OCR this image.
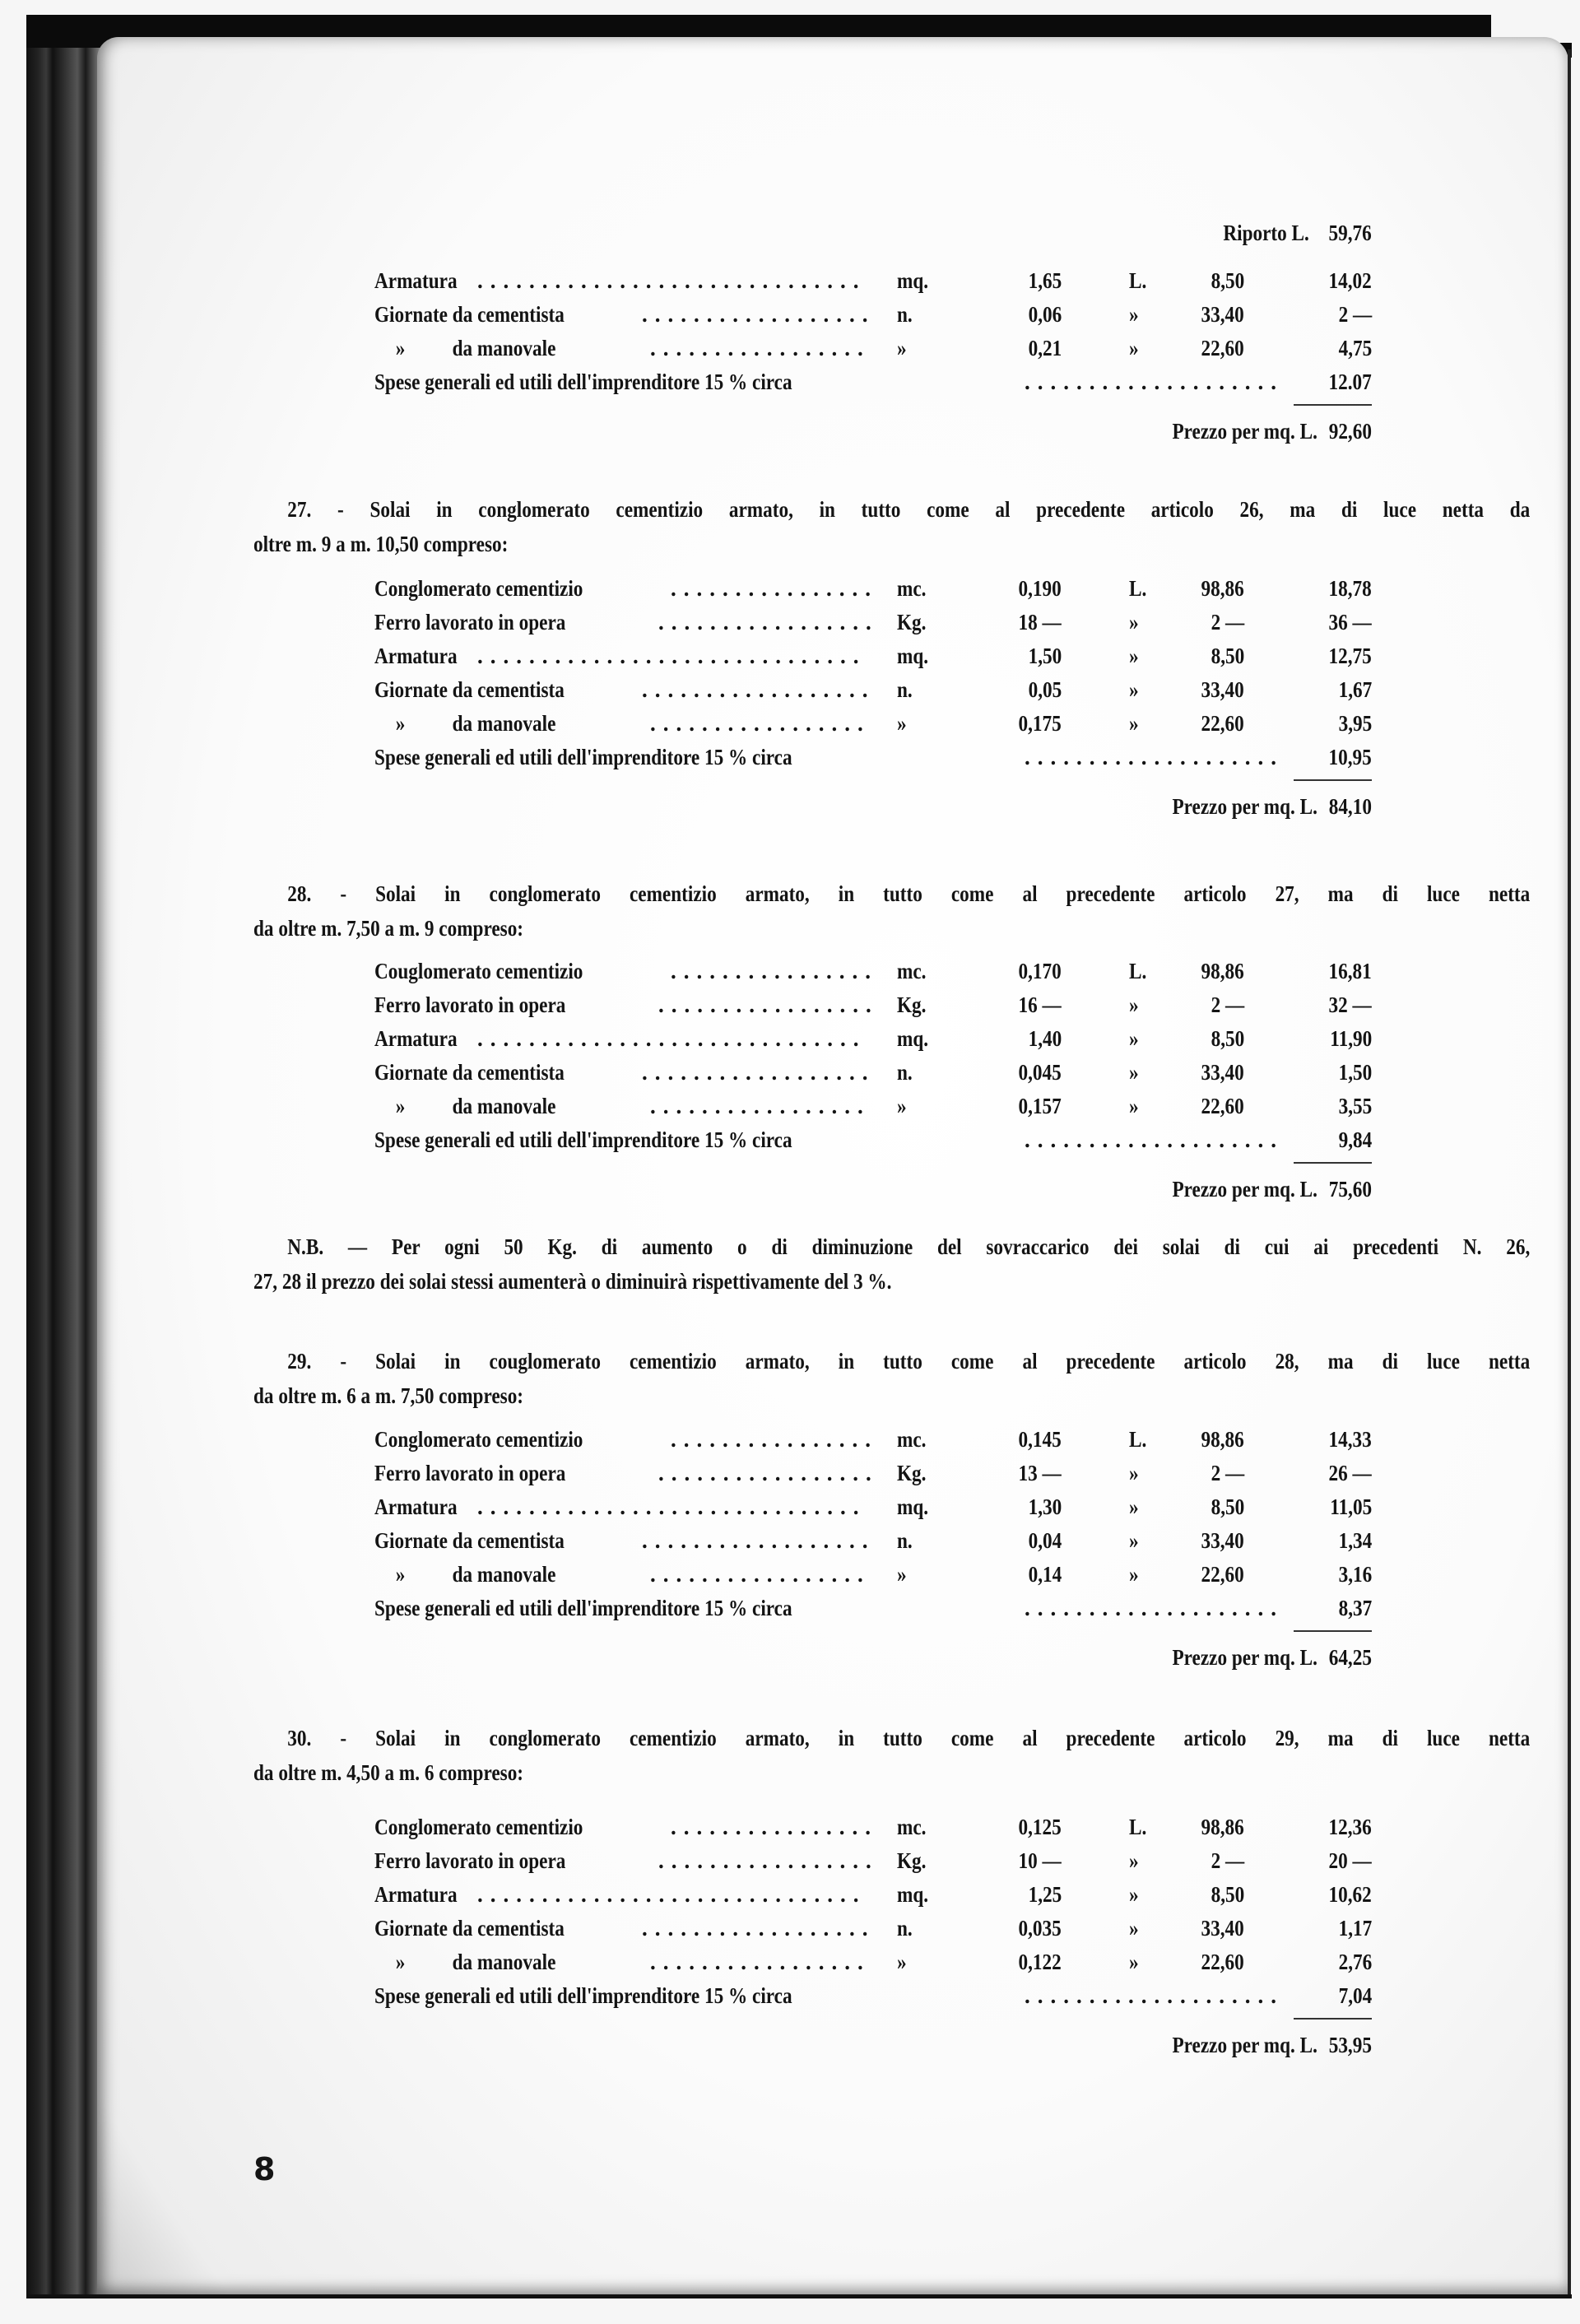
Riporto L. 59,76
Armatura .............................. mq.	1,65	L.	8,50	14,02
Giornate da cementista	.................. n.	0,06	»	33,40	2 —
» da manovale	................. »	0,21	»	22,60	4,75
Spese generali ed utili dell'imprenditore 15 % circa	.................... 12.07
Prezzo per mq. L. 92,60
27. - Solai in conglomerato cementizio armato, in tutto come al precedente articolo 26, ma di luce netta da
oltre m. 9 a m. 10,50 compreso:
Conglomerato cementizio	................ mc.	0,190	L. 98,86	18,78
Ferro lavorato in opera	................. Kg.	18 —	»	2 —	36 —
Armatura .............................. mq.	1,50	»	8,50	12,75
Giornate da cementista	.................. n.	0,05	»	33,40	1,67
» da manovale	................. »	0,175	»	22,60	3,95
Spese generali ed utili dell'imprenditore 15 % circa	.................... 10,95
Prezzo per mq. L. 84,10
28. - Solai in conglomerato cementizio armato, in tutto come al precedente articolo 27, ma di luce netta
da oltre m. 7,50 a m. 9 compreso:
Couglomerato cementizio	................ mc.	0,170	L. 98,86	16,81
Ferro lavorato in opera	................. Kg.	16 —	»	2 —	32 —
Armatura .............................. mq.	1,40	»	8,50	11,90
Giornate da cementista	.................. n.	0,045	»	33,40	1,50
» da manovale	................. »	0,157	»	22,60	3,55
Spese generali ed utili dell'imprenditore 15 % circa	.................... 9,84
Prezzo per mq. L. 75,60
29. - Solai in couglomerato cementizio armato, in tutto come al precedente articolo 28, ma di luce netta
da oltre m. 6 a m. 7,50 compreso:
Conglomerato cementizio	................ mc.	0,145	L. 98,86	14,33
Ferro lavorato in opera	................. Kg.	13 —	»	2 —	26 —
Armatura .............................. mq.	1,30	»	8,50	11,05
Giornate da cementista	.................. n.	0,04	»	33,40	1,34
» da manovale	................. »	0,14	»	22,60	3,16
Spese generali ed utili dell'imprenditore 15 % circa	.................... 8,37
Prezzo per mq. L. 64,25
30. - Solai in conglomerato cementizio armato, in tutto come al precedente articolo 29, ma di luce netta
da oltre m. 4,50 a m. 6 compreso:
Conglomerato cementizio	................ mc.	0,125	L. 98,86	12,36
Ferro lavorato in opera	................. Kg.	10 —	»	2 —	20 —
Armatura .............................. mq.	1,25	»	8,50	10,62
Giornate da cementista	.................. n.	0,035	»	33,40	1,17
» da manovale	................. »	0,122	»	22,60	2,76
Spese generali ed utili dell'imprenditore 15 % circa	.................... 7,04
Prezzo per mq. L. 53,95
N.B. — Per ogni 50 Kg. di aumento o di diminuzione del sovraccarico dei solai di cui ai precedenti N. 26,
27, 28 il prezzo dei solai stessi aumenterà o diminuirà rispettivamente del 3 %.
8
